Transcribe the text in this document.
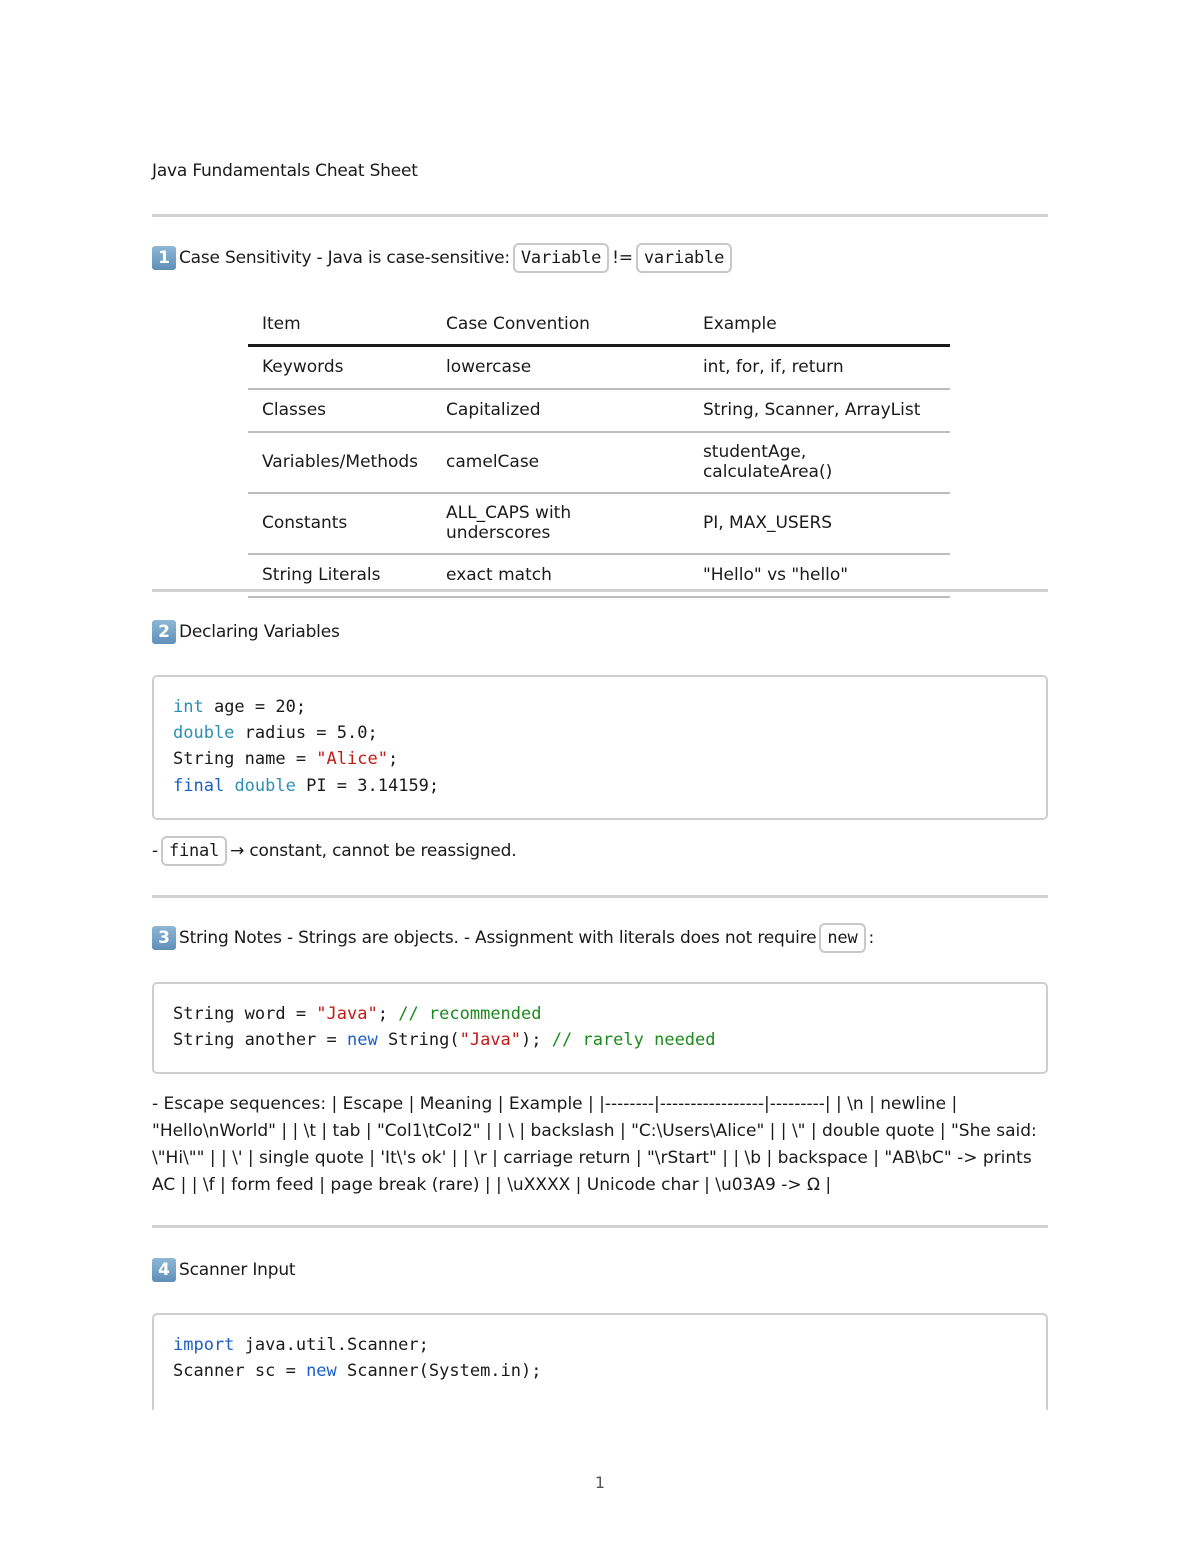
Java Fundamentals Cheat Sheet
1 Case Sensitivity - Java is case-sensitive: Variable != variable
Item	Case Convention	Example
Keywords	lowercase	int, for, if, return
Classes	Capitalized	String, Scanner, ArrayList
Variables/Methods	camelCase	studentAge, calculateArea()
Constants	ALL_CAPS with underscores	PI, MAX_USERS
String Literals	exact match	"Hello" vs "hello"
2 Declaring Variables
int age = 20;
double radius = 5.0;
String name = "Alice";
final double PI = 3.14159;
- final → constant, cannot be reassigned.
3 String Notes - Strings are objects. - Assignment with literals does not require new :
String word = "Java"; // recommended
String another = new String("Java"); // rarely needed
- Escape sequences: | Escape | Meaning | Example | |--------|-----------------|---------| | \n | newline | "Hello\nWorld" | | \t | tab | "Col1\tCol2" | | \ | backslash | "C:\Users\Alice" | | \" | double quote | "She said: \"Hi\"" | | \' | single quote | 'It\'s ok' | | \r | carriage return | "\rStart" | | \b | backspace | "AB\bC" -> prints AC | | \f | form feed | page break (rare) | | \uXXXX | Unicode char | \u03A9 -> Ω |
4 Scanner Input
import java.util.Scanner;
Scanner sc = new Scanner(System.in);
1
